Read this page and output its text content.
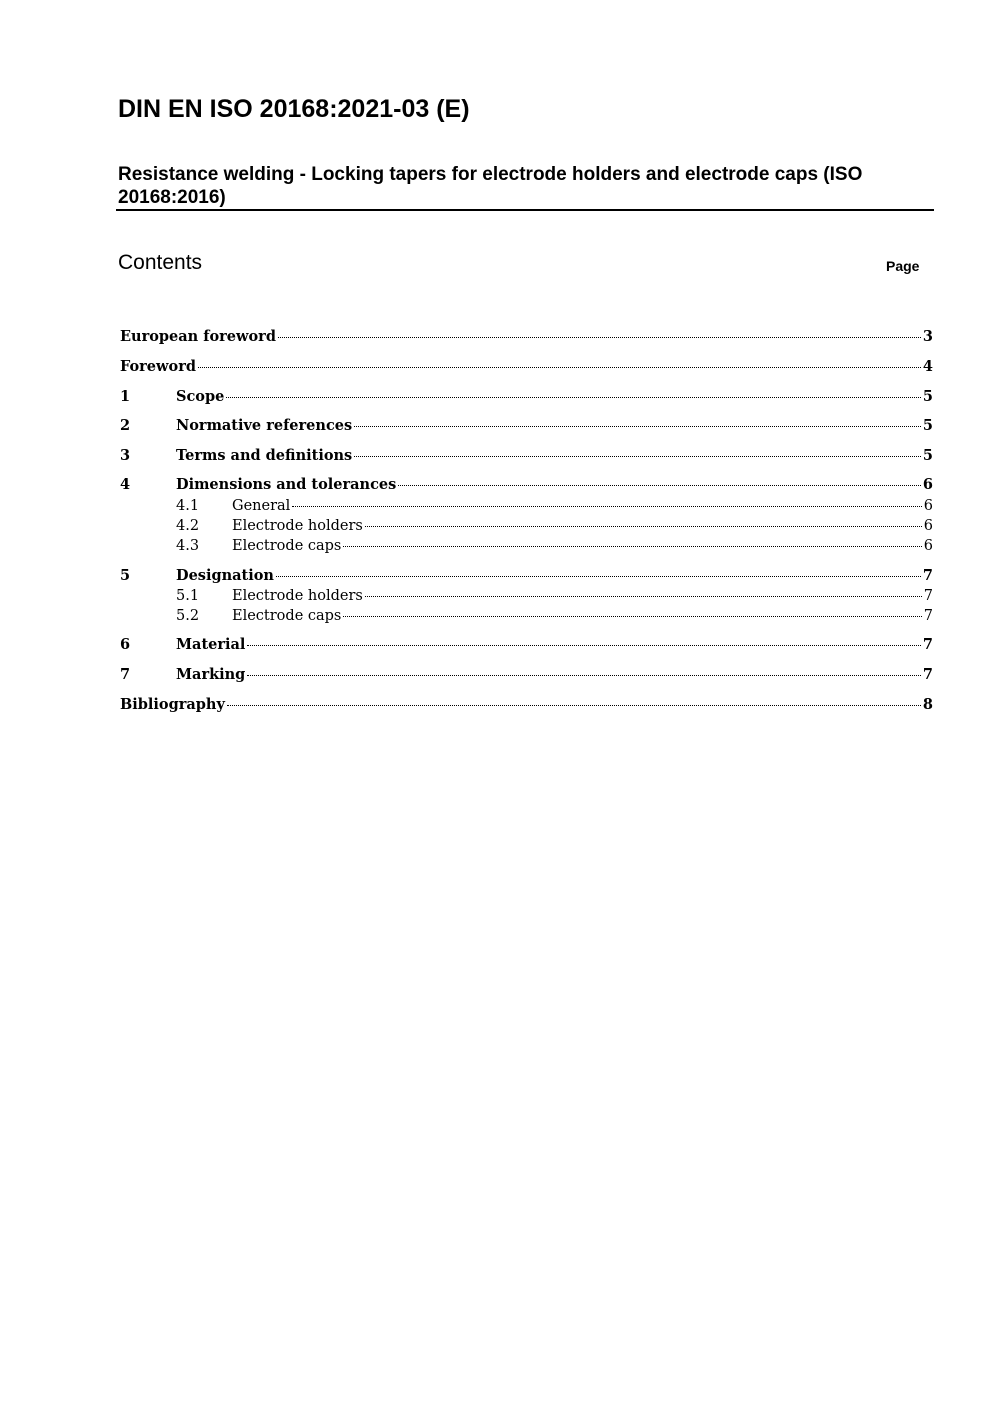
DIN EN ISO 20168:2021-03 (E)
Resistance welding - Locking tapers for electrode holders and electrode caps (ISO 20168:2016)
Contents	Page
European foreword	3
Foreword	4
1	Scope	5
2	Normative references	5
3	Terms and definitions	5
4	Dimensions and tolerances	6
4.1	General	6
4.2	Electrode holders	6
4.3	Electrode caps	6
5	Designation	7
5.1	Electrode holders	7
5.2	Electrode caps	7
6	Material	7
7	Marking	7
Bibliography	8
